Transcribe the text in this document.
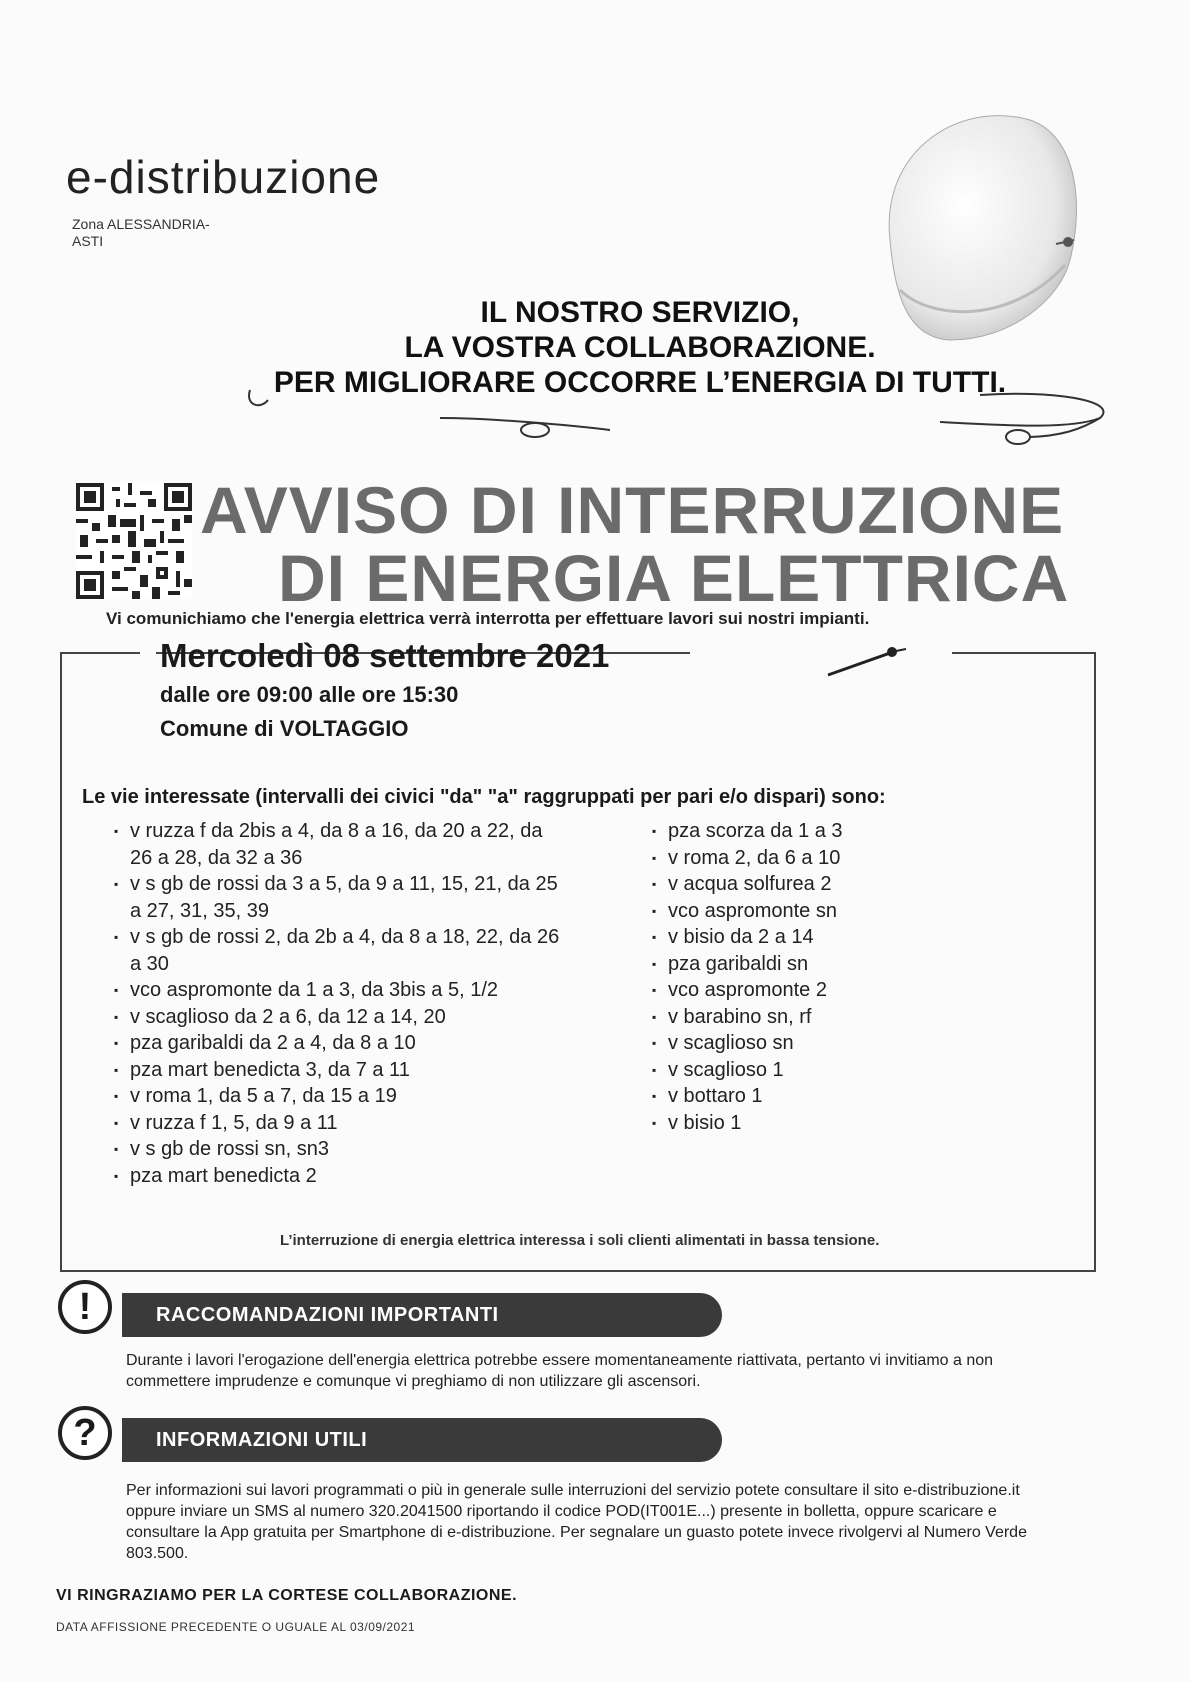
e-distribuzione
Zona ALESSANDRIA-
ASTI
IL NOSTRO SERVIZIO,
LA VOSTRA COLLABORAZIONE.
PER MIGLIORARE OCCORRE L’ENERGIA DI TUTTI.
AVVISO DI INTERRUZIONE
DI ENERGIA ELETTRICA
Vi comunichiamo che l'energia elettrica verrà interrotta per effettuare lavori sui nostri impianti.
Mercoledì 08 settembre 2021
dalle ore 09:00 alle ore 15:30
Comune di VOLTAGGIO
Le vie interessate (intervalli dei civici "da" "a" raggruppati per pari e/o dispari) sono:
▪ v ruzza f da 2bis a 4, da 8 a 16, da 20 a 22, da 26 a 28, da 32 a 36
▪ v s gb de rossi da 3 a 5, da 9 a 11, 15, 21, da 25 a 27, 31, 35, 39
▪ v s gb de rossi 2, da 2b a 4, da 8 a 18, 22, da 26 a 30
▪ vco aspromonte da 1 a 3, da 3bis a 5, 1/2
▪ v scaglioso da 2 a 6, da 12 a 14, 20
▪ pza garibaldi da 2 a 4, da 8 a 10
▪ pza mart benedicta 3, da 7 a 11
▪ v roma 1, da 5 a 7, da 15 a 19
▪ v ruzza f 1, 5, da 9 a 11
▪ v s gb de rossi sn, sn3
▪ pza mart benedicta 2
▪ pza scorza da 1 a 3
▪ v roma 2, da 6 a 10
▪ v acqua solfurea 2
▪ vco aspromonte sn
▪ v bisio da 2 a 14
▪ pza garibaldi sn
▪ vco aspromonte 2
▪ v barabino sn, rf
▪ v scaglioso sn
▪ v scaglioso 1
▪ v bottaro 1
▪ v bisio 1
L’interruzione di energia elettrica interessa i soli clienti alimentati in bassa tensione.
!	RACCOMANDAZIONI IMPORTANTI
Durante i lavori l'erogazione dell'energia elettrica potrebbe essere momentaneamente riattivata, pertanto vi invitiamo a non commettere imprudenze e comunque vi preghiamo di non utilizzare gli ascensori.
?	INFORMAZIONI UTILI
Per informazioni sui lavori programmati o più in generale sulle interruzioni del servizio potete consultare il sito e-distribuzione.it oppure inviare un SMS al numero 320.2041500 riportando il codice POD(IT001E...) presente in bolletta, oppure scaricare e consultare la App gratuita per Smartphone di e-distribuzione. Per segnalare un guasto potete invece rivolgervi al Numero Verde 803.500.
VI RINGRAZIAMO PER LA CORTESE COLLABORAZIONE.
DATA AFFISSIONE PRECEDENTE O UGUALE AL 03/09/2021
